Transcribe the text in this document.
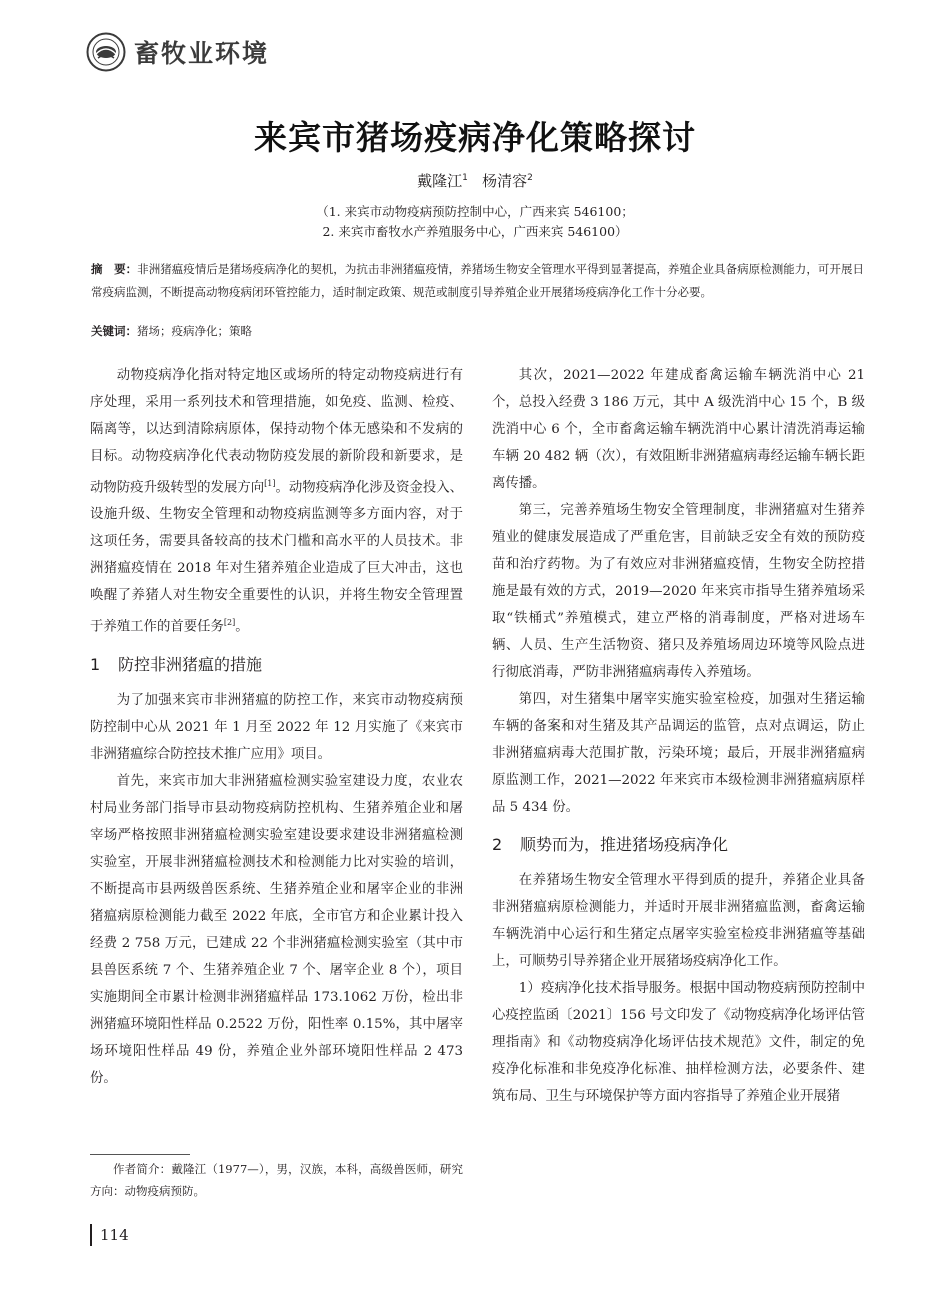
畜牧业环境
来宾市猪场疫病净化策略探讨
戴隆江$^1$ 杨清容$^2$
（1. 来宾市动物疫病预防控制中心，广西来宾 546100；
2. 来宾市畜牧水产养殖服务中心，广西来宾 546100）
摘　要：非洲猪瘟疫情后是猪场疫病净化的契机，为抗击非洲猪瘟疫情，养猪场生物安全管理水平得到显著提高，养殖企业具备病原检测能力，可开展日常疫病监测，不断提高动物疫病闭环管控能力，适时制定政策、规范或制度引导养殖企业开展猪场疫病净化工作十分必要。
关键词：猪场；疫病净化；策略

动物疫病净化指对特定地区或场所的特定动物疫病进行有序处理，采用一系列技术和管理措施，如免疫、监测、检疫、隔离等，以达到清除病原体，保持动物个体无感染和不发病的目标。动物疫病净化代表动物防疫发展的新阶段和新要求，是动物防疫升级转型的发展方向[1]。动物疫病净化涉及资金投入、设施升级、生物安全管理和动物疫病监测等多方面内容，对于这项任务，需要具备较高的技术门槛和高水平的人员技术。非洲猪瘟疫情在 2018 年对生猪养殖企业造成了巨大冲击，这也唤醒了养猪人对生物安全重要性的认识，并将生物安全管理置于养殖工作的首要任务[2]。

1 防控非洲猪瘟的措施

为了加强来宾市非洲猪瘟的防控工作，来宾市动物疫病预防控制中心从 2021 年 1 月至 2022 年 12 月实施了《来宾市非洲猪瘟综合防控技术推广应用》项目。

首先，来宾市加大非洲猪瘟检测实验室建设力度，农业农村局业务部门指导市县动物疫病防控机构、生猪养殖企业和屠宰场严格按照非洲猪瘟检测实验室建设要求建设非洲猪瘟检测实验室，开展非洲猪瘟检测技术和检测能力比对实验的培训，不断提高市县两级兽医系统、生猪养殖企业和屠宰企业的非洲猪瘟病原检测能力截至 2022 年底，全市官方和企业累计投入经费 2 758 万元，已建成 22 个非洲猪瘟检测实验室（其中市县兽医系统 7 个、生猪养殖企业 7 个、屠宰企业 8 个），项目实施期间全市累计检测非洲猪瘟样品 173.1062 万份，检出非洲猪瘟环境阳性样品 0.2522 万份，阳性率 0.15%，其中屠宰场环境阳性样品 49 份，养殖企业外部环境阳性样品 2 473 份。

其次，2021—2022 年建成畜禽运输车辆洗消中心 21 个，总投入经费 3 186 万元，其中 A 级洗消中心 15 个，B 级洗消中心 6 个，全市畜禽运输车辆洗消中心累计清洗消毒运输车辆 20 482 辆（次），有效阻断非洲猪瘟病毒经运输车辆长距离传播。

第三，完善养殖场生物安全管理制度，非洲猪瘟对生猪养殖业的健康发展造成了严重危害，目前缺乏安全有效的预防疫苗和治疗药物。为了有效应对非洲猪瘟疫情，生物安全防控措施是最有效的方式，2019—2020 年来宾市指导生猪养殖场采取“铁桶式”养殖模式，建立严格的消毒制度，严格对进场车辆、人员、生产生活物资、猪只及养殖场周边环境等风险点进行彻底消毒，严防非洲猪瘟病毒传入养殖场。

第四，对生猪集中屠宰实施实验室检疫，加强对生猪运输车辆的备案和对生猪及其产品调运的监管，点对点调运，防止非洲猪瘟病毒大范围扩散，污染环境；最后，开展非洲猪瘟病原监测工作，2021—2022 年来宾市本级检测非洲猪瘟病原样品 5 434 份。

2 顺势而为，推进猪场疫病净化

在养猪场生物安全管理水平得到质的提升，养猪企业具备非洲猪瘟病原检测能力，并适时开展非洲猪瘟监测，畜禽运输车辆洗消中心运行和生猪定点屠宰实验室检疫非洲猪瘟等基础上，可顺势引导养猪企业开展猪场疫病净化工作。

1）疫病净化技术指导服务。根据中国动物疫病预防控制中心疫控监函〔2021〕156 号文印发了《动物疫病净化场评估管理指南》和《动物疫病净化场评估技术规范》文件，制定的免疫净化标准和非免疫净化标准、抽样检测方法，必要条件、建筑布局、卫生与环境保护等方面内容指导了养殖企业开展猪

作者简介：戴隆江（1977—），男，汉族，本科，高级兽医师，研究方向：动物疫病预防。
114
